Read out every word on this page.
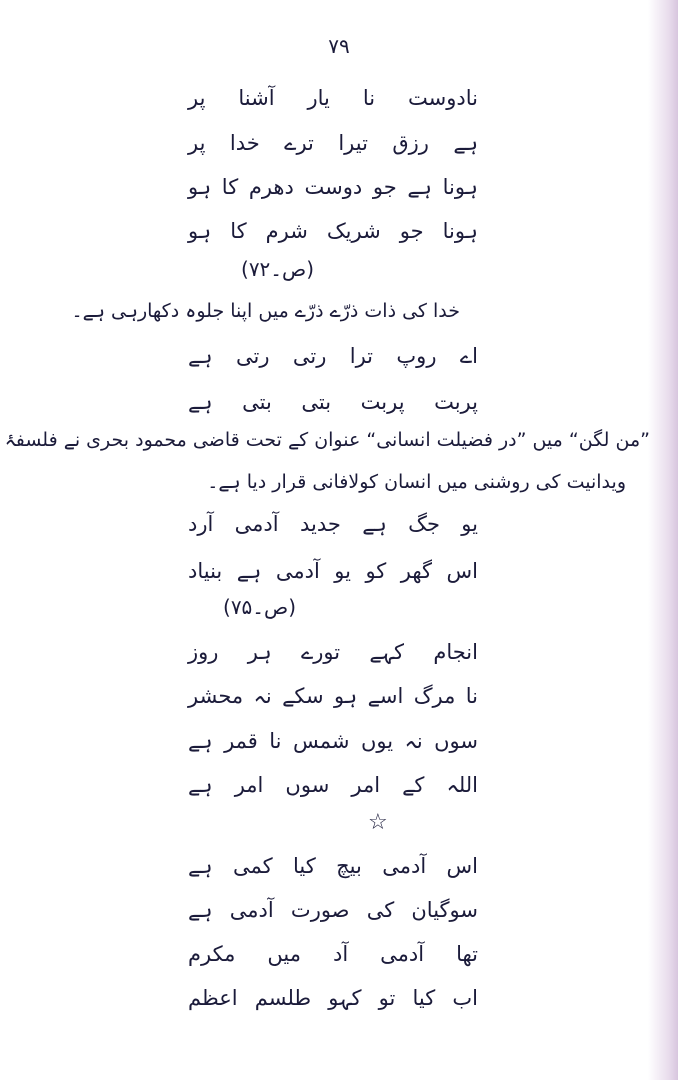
۷۹
نادوست نا یار آشنا پر
ہے رزق تیرا ترے خدا پر
ہونا ہے جو دوست دھرم کا ہو
ہونا جو شریک شرم کا ہو
(ص۔۷۲)
خدا کی ذات ذرّے ذرّے میں اپنا جلوہ دکھارہی ہے۔
اے روپ ترا رتی رتی ہے
پربت پربت بتی بتی ہے
”من لگن“ میں ”در فضیلت انسانی“ عنوان کے تحت قاضی محمود بحری نے فلسفۂ
ویدانیت کی روشنی میں انسان کولافانی قرار دیا ہے۔
یو جگ ہے جدید آدمی آرد
اس گھر کو یو آدمی ہے بنیاد
(ص۔۷۵)
انجام کہے تورے ہر روز
نا مرگ اسے ہو سکے نہ محشر
سوں نہ یوں شمس نا قمر ہے
اللہ کے امر سوں امر ہے
☆
اس آدمی بیچ کیا کمی ہے
سوگیان کی صورت آدمی ہے
تھا آدمی آد میں مکرم
اب کیا تو کہو طلسم اعظم
